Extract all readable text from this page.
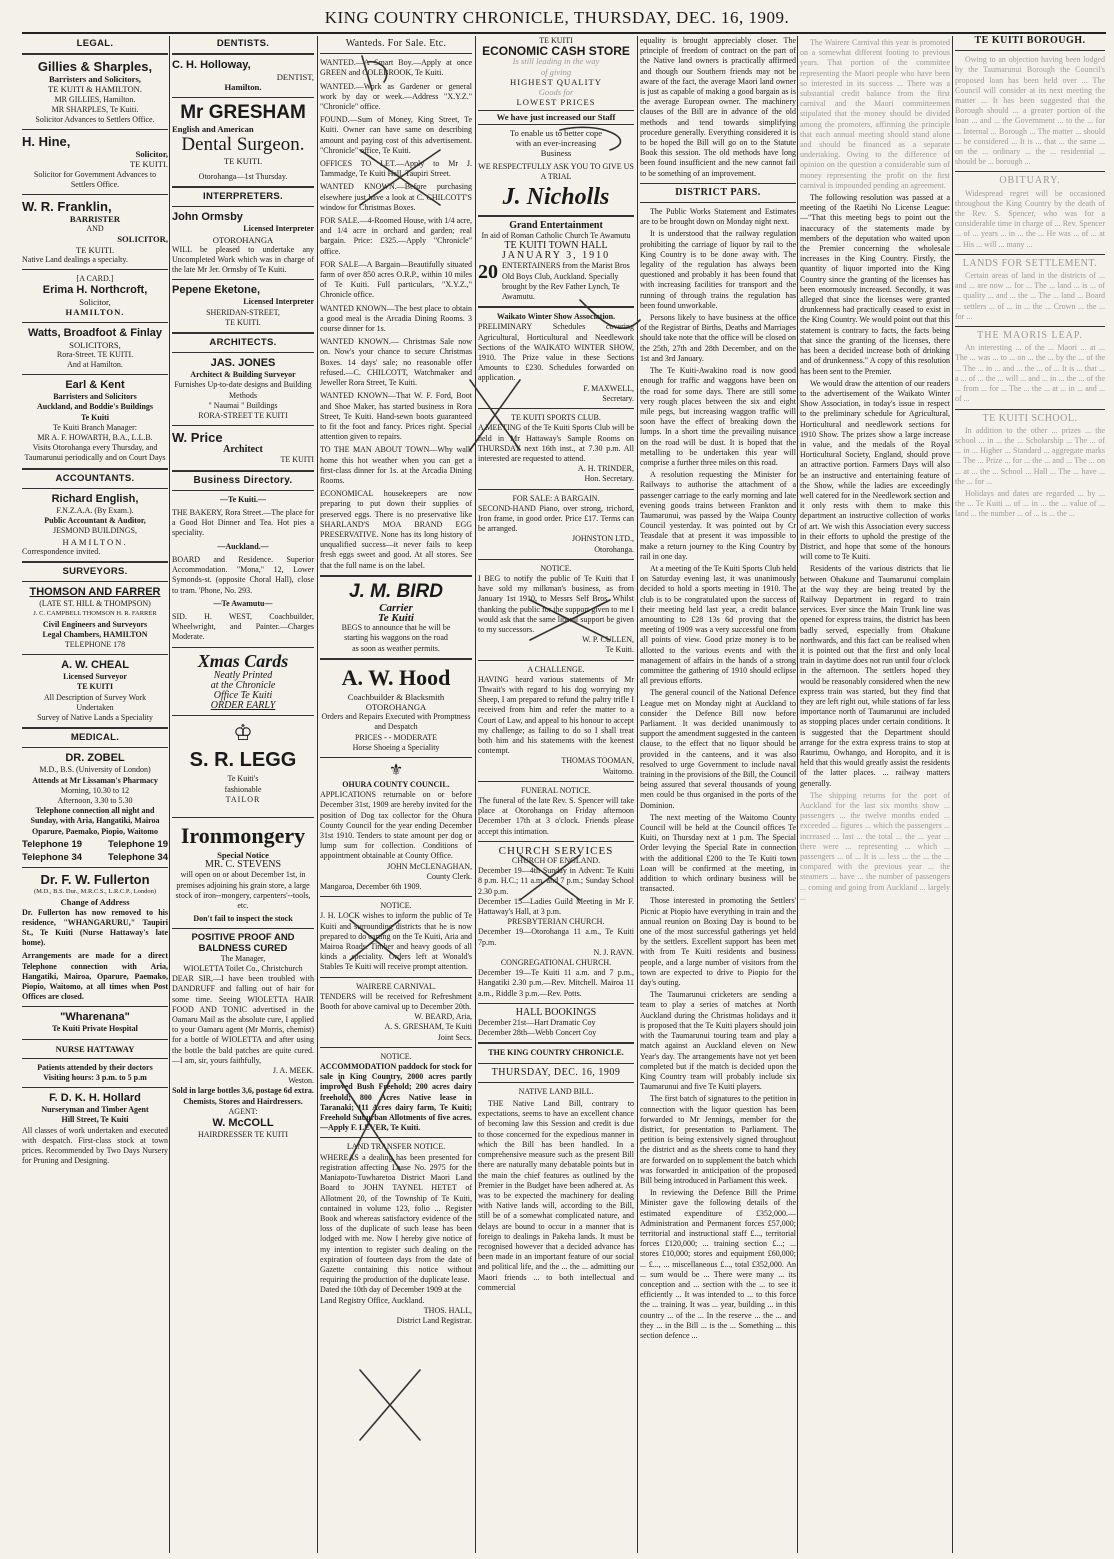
KING COUNTRY CHRONICLE, THURSDAY, DEC. 16, 1909.
LEGAL.
Gillies & Sharples,
Barristers and Solicitors,
TE KUITI & HAMILTON.
MR GILLIES, Hamilton.
MR SHARPLES, Te Kuiti.
Solicitor Advances to Settlers Office.
H. Hine,
Solicitor,
TE KUITI.
Solicitor for Government Advances to Settlers Office.
W. R. Franklin,
BARRISTER
AND
SOLICITOR,
TE KUITI.
Native Land dealings a specialty.
[A CARD.]
Erima H. Northcroft,
Solicitor,
HAMILTON.
Watts, Broadfoot & Finlay
SOLICITORS,
Rora-Street. TE KUITI.
And at Hamilton.
Earl & Kent
Barristers and Solicitors
Auckland, and Boddie's Buildings
Te Kuiti
Te Kuiti Branch Manager:
MR A. F. HOWARTH, B.A., L.L.B.
Visits Otorohanga every Thursday, and Taumarunui periodically and on Court Days
ACCOUNTANTS.
Richard English,
F.N.Z.A.A. (By Exam.).
Public Accountant & Auditor,
JESMOND BUILDINGS,
HAMILTON.
Correspondence invited.
SURVEYORS.
THOMSON AND FARRER
(LATE ST. HILL & THOMPSON)
J. C. CAMPBELL THOMSON H. R. FARRER
Civil Engineers and Surveyors
Legal Chambers, HAMILTON
TELEPHONE 178
A. W. CHEAL
Licensed Surveyor
TE KUITI
All Description of Survey Work
Undertaken
Survey of Native Lands a Speciality
MEDICAL.
DR. ZOBEL
M.D., B.S. (University of London)
Attends at Mr Lissaman's Pharmacy
Morning, 10.30 to 12
Afternoon, 3.30 to 5.30
Telephone connection all night and Sunday, with Aria, Hangatiki, Mairoa Oparure, Paemako, Piopio, Waitomo
Telephone 19	Telephone 19
Telephone 34	Telephone 34
Dr. F. W. Fullerton
(M.D., B.S. Dur., M.R.C.S., L.R.C.P., London)
Change of Address
Dr. Fullerton has now removed to his residence, "WHANGARURU," Taupiri St., Te Kuiti (Nurse Hattaway's late home).
Arrangements are made for a direct Telephone connection with Aria, Hangatiki, Mairoa, Oparure, Paemako, Piopio, Waitomo, at all times when Post Offices are closed.
"Wharenana"
Te Kuiti Private Hospital
NURSE HATTAWAY
Patients attended by their doctors
Visiting hours: 3 p.m. to 5 p.m
F. D. K. H. Hollard
Nurseryman and Timber Agent
Hill Street, Te Kuiti
All classes of work undertaken and executed with despatch. First-class stock at town prices. Recommended by Two Days Nursery for Pruning and Designing.
DENTISTS.
C. H. Holloway,
DENTIST,
Hamilton.
Mr GRESHAM
English and American
Dental Surgeon.
TE KUITI.
Otorohanga—1st Thursday.
INTERPRETERS.
John Ormsby
Licensed Interpreter
OTOROHANGA
WILL be pleased to undertake any Uncompleted Work which was in charge of the late Mr Jer. Ormsby of Te Kuiti.
Pepene Eketone,
Licensed Interpreter
SHERIDAN-STREET,
TE KUITI.
ARCHITECTS.
JAS. JONES
Architect & Building Surveyor
Furnishes Up-to-date designs and Building Methods
" Naumai " Buildings
RORA-STREET TE KUITI
W. Price
Architect
TE KUITI
Business Directory.
—Te Kuiti.—
THE BAKERY, Rora Street.—The place for a Good Hot Dinner and Tea. Hot pies a speciality.
—Auckland.—
BOARD and Residence. Superior Accommodation. "Mona," 12, Lower Symonds-st. (opposite Choral Hall), close to tram. 'Phone, No. 293.
—Te Awamutu—
SID. H. WEST, Coachbuilder, Wheelwright, and Painter.—Charges Moderate.
Xmas Cards
Neatly Printed
at the Chronicle
Office Te Kuiti
ORDER EARLY
♔
S. R. LEGG
Te Kuiti's
fashionable
TAILOR
Ironmongery
Special Notice
MR. C. STEVENS
will open on or about December 1st, in premises adjoining his grain store, a large stock of iron--mongery, carpenters'--tools, etc.
Don't fail to inspect the stock
POSITIVE PROOF AND BALDNESS CURED
The Manager,
WIOLETTA Toilet Co., Christchurch
DEAR SIR,—I have been troubled with DANDRUFF and falling out of hair for some time. Seeing WIOLETTA HAIR FOOD AND TONIC advertised in the Oamaru Mail as the absolute cure, I applied to your Oamaru agent (Mr Morris, chemist) for a bottle of WIOLETTA and after using the bottle the bald patches are quite cured.—I am, sir, yours faithfully,
J. A. MEEK.
Weston.
Sold in large bottles 3,6, postage 6d extra. Chemists, Stores and Hairdressers.
AGENT:
W. McCOLL
HAIRDRESSER TE KUITI
Wanteds. For Sale. Etc.
WANTED.—A Smart Boy.—Apply at once GREEN and COLEBROOK, Te Kuiti.
WANTED.—Work as Gardener or general work by day or week.—Address "X.Y.Z." "Chronicle" office.
FOUND.—Sum of Money, King Street, Te Kuiti. Owner can have same on describing amount and paying cost of this advertisement. "Chronicle" office, Te Kuiti.
OFFICES TO LET.—Apply to Mr J. Tammadge, Te Kuiti Hall, Taupiri Street.
WANTED KNOWN.—Before purchasing elsewhere just have a look at C. CHILCOTT'S window for Christmas Boxes.
FOR SALE.—4-Roomed House, with 1/4 acre, and 1/4 acre in orchard and garden; real bargain. Price: £325.—Apply "Chronicle" office.
FOR SALE—A Bargain—Beautifully situated farm of over 850 acres O.R.P., within 10 miles of Te Kuiti. Full particulars, "X.Y.Z.," Chronicle office.
WANTED KNOWN—The best place to obtain a good meal is the Arcadia Dining Rooms. 3 course dinner for 1s.
WANTED KNOWN.— Christmas Sale now on. Now's your chance to secure Christmas Boxes. 14 days' sale; no reasonable offer refused.—C. CHILCOTT, Watchmaker and Jeweller Rora Street, Te Kuiti.
WANTED KNOWN—That W. F. Ford, Boot and Shoe Maker, has started business in Rora Street, Te Kuiti. Hand-sewn boots guaranteed to fit the foot and fancy. Prices right. Special attention given to repairs.
TO THE MAN ABOUT TOWN—Why walk home this hot weather when you can get a first-class dinner for 1s. at the Arcadia Dining Rooms.
ECONOMICAL housekeepers are now preparing to put down their supplies of preserved eggs. There is no preservative like SHARLAND'S MOA BRAND EGG PRESERVATIVE. None has its long history of unqualified success—it never fails to keep fresh eggs sweet and good. At all stores. See that the full name is on the label.
J. M. BIRD
Carrier
Te Kuiti
BEGS to announce that he will be starting his waggons on the road as soon as weather permits.
A. W. Hood
Coachbuilder & Blacksmith
OTOROHANGA
Orders and Repairs Executed with Promptness and Despatch
PRICES - - MODERATE
Horse Shoeing a Speciality
⚜
OHURA COUNTY COUNCIL.
APPLICATIONS returnable on or before December 31st, 1909 are hereby invited for the position of Dog tax collector for the Ohura County Council for the year ending December 31st 1910. Tenders to state amount per dog or lump sum for collection. Conditions of appointment obtainable at County Office.
JOHN McCLENAGHAN,
County Clerk.
Mangaroa, December 6th 1909.
NOTICE.
J. H. LOCK wishes to inform the public of Te Kuiti and surrounding districts that he is now prepared to do carting on the Te Kuiti, Aria and Mairoa Roads. Timber and heavy goods of all kinds a speciality. Orders left at Wonald's Stables Te Kuiti will receive prompt attention.
WAIRERE CARNIVAL.
TENDERS will be received for Refreshment Booth for above carnival up to December 20th.
W. BEARD, Aria,
A. S. GRESHAM, Te Kuiti
Joint Secs.
NOTICE.
ACCOMMODATION paddock for stock for sale in King Country, 2000 acres partly improved Bush Freehold; 200 acres dairy freehold; 800 Acres Native lease in Taranaki; 111 Acres dairy farm, Te Kuiti; Freehold Suburban Allotments of five acres.—Apply F. LEVER, Te Kuiti.
LAND TRANSFER NOTICE.
WHEREAS a dealing has been presented for registration affecting Lease No. 2975 for the Maniapoto-Tuwharetoa District Maori Land Board to JOHN TAYNEL HETET of Allotment 20, of the Township of Te Kuiti, contained in volume 123, folio ... Register Book and whereas satisfactory evidence of the loss of the duplicate of such lease has been lodged with me. Now I hereby give notice of my intention to register such dealing on the expiration of fourteen days from the date of Gazette containing this notice without requiring the production of the duplicate lease.
Dated the 10th day of December 1909 at the Land Registry Office, Auckland.
THOS. HALL,
District Land Registrar.
TE KUITI
ECONOMIC CASH STORE
Is still leading in the way
of giving
HIGHEST QUALITY
Goods for
LOWEST PRICES
We have just increased our Staff
To enable us to better cope
with an ever-increasing
Business
WE RESPECTFULLY ASK YOU TO GIVE US A TRIAL
J. Nicholls
Grand Entertainment
In aid of Roman Catholic Church Te Awamutu
TE KUITI TOWN HALL
JANUARY 3, 1910
20 ENTERTAINERS from the Marist Bros Old Boys Club, Auckland. Specially brought by the Rev Father Lynch, Te Awamutu.
Waikato Winter Show Association.
PRELIMINARY Schedules covering Agricultural, Horticultural and Needlework Sections of the WAIKATO WINTER SHOW, 1910. The Prize value in these Sections Amounts to £230. Schedules forwarded on application.
F. MAXWELL,
Secretary.
TE KUITI SPORTS CLUB.
A MEETING of the Te Kuiti Sports Club will be held in Mr Hattaway's Sample Rooms on THURSDAY next 16th inst., at 7.30 p.m. All interested are requested to attend.
A. H. TRINDER,
Hon. Secretary.
FOR SALE: A BARGAIN.
SECOND-HAND Piano, over strong, trichord, Iron frame, in good order. Price £17. Terms can be arranged.
JOHNSTON LTD.,
Otorohanga.
NOTICE.
I BEG to notify the public of Te Kuiti that I have sold my milkman's business, as from January 1st 1910, to Messrs Self Bros. Whilst thanking the public for the support given to me I would ask that the same liberal support be given to my successors.
W. P. CULLEN,
Te Kuiti.
A CHALLENGE.
HAVING heard various statements of Mr Thwait's with regard to his dog worrying my Sheep, I am prepared to refund the paltry trifle I received from him and refer the matter to a Court of Law, and appeal to his honour to accept my challenge; as failing to do so I shall treat both him and his statements with the keenest contempt.
THOMAS TOOMAN,
Waitomo.
FUNERAL NOTICE.
The funeral of the late Rev. S. Spencer will take place at Otorohanga on Friday afternoon December 17th at 3 o'clock. Friends please accept this intimation.
CHURCH SERVICES
CHURCH OF ENGLAND.
December 19—4th Sunday in Advent: Te Kuiti 8 p.m. H.C.; 11 a.m. and 7 p.m.; Sunday School 2.30 p.m.
December 15—Ladies Guild Meeting in Mr F. Hattaway's Hall, at 3 p.m.
PRESBYTERIAN CHURCH.
December 19—Otorohanga 11 a.m., Te Kuiti 7p.m.
N. J. RAVN.
CONGREGATIONAL CHURCH.
December 19—Te Kuiti 11 a.m. and 7 p.m., Hangatiki 2.30 p.m.—Rev. Mitchell. Mairoa 11 a.m., Riddle 3 p.m.—Rev. Potts.
HALL BOOKINGS
December 21st—Hart Dramatic Coy
December 28th—Webb Concert Coy
THE KING COUNTRY CHRONICLE.
THURSDAY, DEC. 16, 1909
NATIVE LAND BILL.
THE Native Land Bill, contrary to expectations, seems to have an excellent chance of becoming law this Session and credit is due to those concerned for the expedious manner in which the Bill has been handled. In a comprehensive measure such as the present Bill there are naturally many debatable points but in the main the chief features as outlined by the Premier in the Budget have been adhered at. As was to be expected the machinery for dealing with Native lands will, according to the Bill, still be of a somewhat complicated nature, and delays are bound to occur in a manner that is foreign to dealings in Pakeha lands. It must be recognised however that a decided advance has been made in an important feature of our social and political life, and the ... the ... admitting our Maori friends ... to both intellectual and commercial
equality is brought appreciably closer. The principle of freedom of contract on the part of the Native land owners is practically affirmed and though our Southern friends may not be aware of the fact, the average Maori land owner is just as capable of making a good bargain as is the average European owner. The machinery clauses of the Bill are in advance of the old methods and tend towards simplifying procedure generally. Everything considered it is to be hoped the Bill will go on to the Statute Book this session. The old methods have long been found insufficient and the new cannot fail to be something of an improvement.
DISTRICT PARS.
The Public Works Statement and Estimates are to be brought down on Monday night next.
It is understood that the railway regulation prohibiting the carriage of liquor by rail to the King Country is to be done away with. The legality of the regulation has always been questioned and probably it has been found that with increasing facilities for transport and the running of through trains the regulation has been found unworkable.
Persons likely to have business at the office of the Registrar of Births, Deaths and Marriages should take note that the office will be closed on the 25th, 27th and 28th December, and on the 1st and 3rd January.
The Te Kuiti-Awakino road is now good enough for traffic and waggons have been on the road for some days. There are still some very rough places between the six and eight mile pegs, but increasing waggon traffic will soon have the effect of breaking down the lumps. In a short time the prevailing nuisance on the road will be dust. It is hoped that the metalling to be undertaken this year will comprise a further three miles on this road.
A resolution requesting the Minister for Railways to authorise the attachment of a passenger carriage to the early morning and late evening goods trains between Frankton and Taumarunui, was passed by the Waipa County Council yesterday. It was pointed out by Cr Teasdale that at present it was impossible to make a return journey to the King Country by rail in one day.
At a meeting of the Te Kuiti Sports Club held on Saturday evening last, it was unanimously decided to hold a sports meeting in 1910. The club is to be congratulated upon the success of their meeting held last year, a credit balance amounting to £28 13s 6d proving that the meeting of 1909 was a very successful one from all points of view. Good prize money is to be allotted to the various events and with the management of affairs in the hands of a strong committee the gathering of 1910 should eclipse all previous efforts.
The general council of the National Defence League met on Monday night at Auckland to consider the Defence Bill now before Parliament. It was decided unanimously to support the amendment suggested in the canteen clause, to the effect that no liquor should be provided in the canteens, and it was also resolved to urge Government to include naval training in the provisions of the Bill, the Council being assured that several thousands of young men could be thus organised in the ports of the Dominion.
The next meeting of the Waitomo County Council will be held at the Council offices Te Kuiti, on Thursday next at 1 p.m. The Special Order levying the Special Rate in connection with the additional £200 to the Te Kuiti town Loan will be confirmed at the meeting, in addition to which ordinary business will be transacted.
Those interested in promoting the Settlers' Picnic at Piopio have everything in train and the annual reunion on Boxing Day is bound to be one of the most successful gatherings yet held by the settlers. Excellent support has been met with from Te Kuiti residents and business people, and a large number of visitors from the town are expected to drive to Piopio for the day's outing.
The Taumarunui cricketers are sending a team to play a series of matches at North Auckland during the Christmas holidays and it is proposed that the Te Kuiti players should join with the Taumarunui touring team and play a match against an Auckland eleven on New Year's day. The arrangements have not yet been completed but if the match is decided upon the King Country team will probably include six Taumarunui and five Te Kuiti players.
The first batch of signatures to the petition in connection with the liquor question has been forwarded to Mr Jennings, member for the district, for presentation to Parliament. The petition is being extensively signed throughout the district and as the sheets come to hand they are forwarded on to supplement the batch which was forwarded in anticipation of the proposed Bill being introduced in Parliament this week.
In reviewing the Defence Bill the Prime Minister gave the following details of the estimated expenditure of £352,000.—Administration and Permanent forces £57,000; territorial and instructional staff £..., territorial forces £120,000; ... training section £...; ... stores £10,000; stores and equipment £60,000; ... £..., ... miscellaneous £..., total £352,000. An ... sum would be ... There were many ... its conception and ... section with the ... to see it efficiently ... It was intended to ... to this force the ... training. It was ... year, building ... in this country ... of the ... In the reserve ... the ... and they ... in the Bill ... is the ... Something ... this section defence ...
The Wairere Carnival this year is promoted on a somewhat different footing to previous years. That portion of the committee representing the Maori people who have been so interested in its success ... There was a substantial credit balance from the first carnival and the Maori committeemen stipulated that the money should be divided among the promoters, affirming the principle that each annual meeting should stand alone and should be financed as a separate undertaking. Owing to the difference of opinion on the question a considerable sum of money representing the profit on the first carnival is impounded pending an agreement.
The following resolution was passed at a meeting of the Raetihi No License League:—"That this meeting begs to point out the inaccuracy of the statements made by members of the deputation who waited upon the Premier concerning the wholesale increases in the King Country. Firstly, the quantity of liquor imported into the King Country since the granting of the licenses has been enormously increased. Secondly, it was alleged that since the licenses were granted drunkenness had practically ceased to exist in the King Country. We would point out that this statement is contrary to facts, the facts being that since the granting of the licenses, there has been a decided increase both of drinking and of drunkenness." A copy of this resolution has been sent to the Premier.
We would draw the attention of our readers to the advertisement of the Waikato Winter Show Association, in today's issue in respect to the preliminary schedule for Agricultural, Horticultural and needlework sections for 1910 Show. The prizes show a large increase in value, and the medals of the Royal Horticultural Society, England, should prove an attractive portion. Farmers Days will also be an instructive and entertaining feature of the Show, while the ladies are exceedingly well catered for in the Needlework section and it only rests with them to make this department an instructive collection of works of art. We wish this Association every success in their efforts to uphold the prestige of the District, and hope that some of the honours will come to Te Kuiti.
Residents of the various districts that lie between Ohakune and Taumarunui complain at the way they are being treated by the Railway Department in regard to train services. Ever since the Main Trunk line was opened for express trains, the district has been badly served, especially from Ohakune northwards, and this fact can be realised when it is pointed out that the first and only local train in daytime does not run until four o'clock in the afternoon. The settlers hoped they would be reasonably considered when the new express train was started, but they find that they are left right out, while stations of far less importance north of Taumarunui are included as stopping places under certain conditions. It is suggested that the Department should arrange for the extra express trains to stop at Raurimu, Owhango, and Horopito, and it is held that this would greatly assist the residents of the latter places. ... railway matters generally.
The shipping returns for the port of Auckland for the last six months show ... passengers ... the twelve months ended ... exceeded ... figures ... which the passengers ... increased ... last ... the total ... the ... year ... there were ... representing ... which ... passengers ... of ... It is ... less ... the ... the ... compared with the previous year ... the steamers ... have ... the number of passengers ... coming and going from Auckland ... largely ...
TE KUITI BOROUGH.
Owing to an objection having been lodged by the Taumarunui Borough the Council's proposed loan has been held over ... The Council will consider at its next meeting the matter ... It has been suggested that the Borough should ... a greater portion of the loan ... and ... the Government ... to the ... for ... Internal ... Borough ... The matter ... should ... be considered ... It is ... that ... the same ... on the ... ordinary ... the ... residential ... should be ... borough ...
OBITUARY.
Widespread regret will be occasioned throughout the King Country by the death of the Rev. S. Spencer, who was for a considerable time in charge of ... Rev. Spencer ... of ... years ... in ... the ... He was ... of ... at ... His ... will ... many ...
LANDS FOR SETTLEMENT.
Certain areas of land in the districts of ... and ... are now ... for ... The ... land ... is ... of ... quality ... and ... the ... The ... land ... Board ... settlers ... of ... in ... the ... Crown ... the ... for ...
THE MAORIS LEAP.
An interesting ... of the ... Maori ... at ... The ... was ... to ... on ... the ... by the ... of the ... The ... in ... and ... the ... of ... It is ... that ... a ... of ... the ... will ... and ... in ... the ... of the ... from ... for ... The ... the ... at ... in ... and ... of ...
TE KUITI SCHOOL.
In addition to the other ... prizes ... the school ... in ... the ... Scholarship ... The ... of ... in ... Higher ... Standard ... aggregate marks ... The ... Prize ... for ... the ... and ... The ... on ... at ... the ... School ... Hall ... The ... have ... the ... for ...
Holidays and dates are regarded ... by ... the ... Te Kuiti ... of ... in ... the ... value of ... land ... the number ... of ... is ... the ...
